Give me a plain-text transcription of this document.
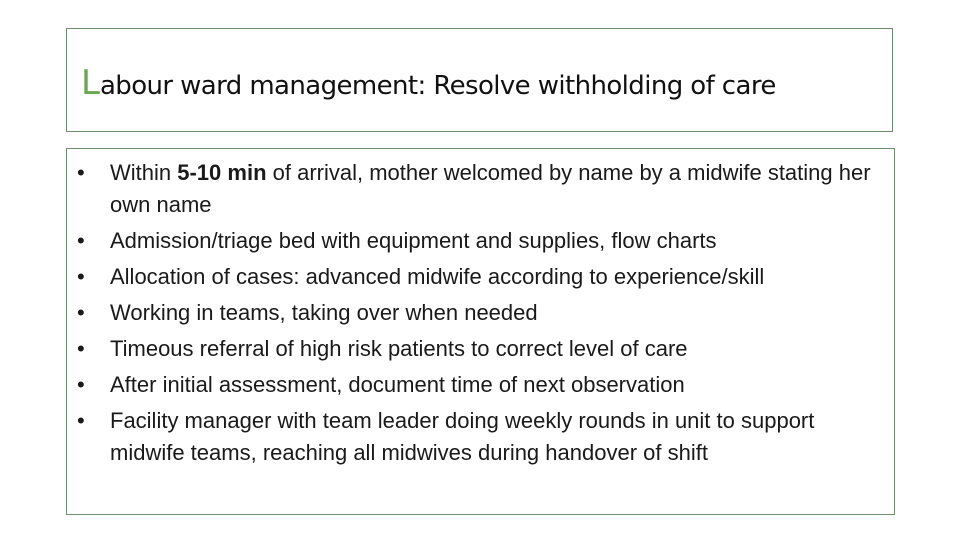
Labour ward management: Resolve withholding of care
• Within 5-10 min of arrival, mother welcomed by name by a midwife stating her own name
• Admission/triage bed with equipment and supplies, flow charts
• Allocation of cases: advanced midwife according to experience/skill
• Working in teams, taking over when needed
• Timeous referral of high risk patients to correct level of care
• After initial assessment, document time of next observation
• Facility manager with team leader doing weekly rounds in unit to support midwife teams, reaching all midwives during handover of shift
